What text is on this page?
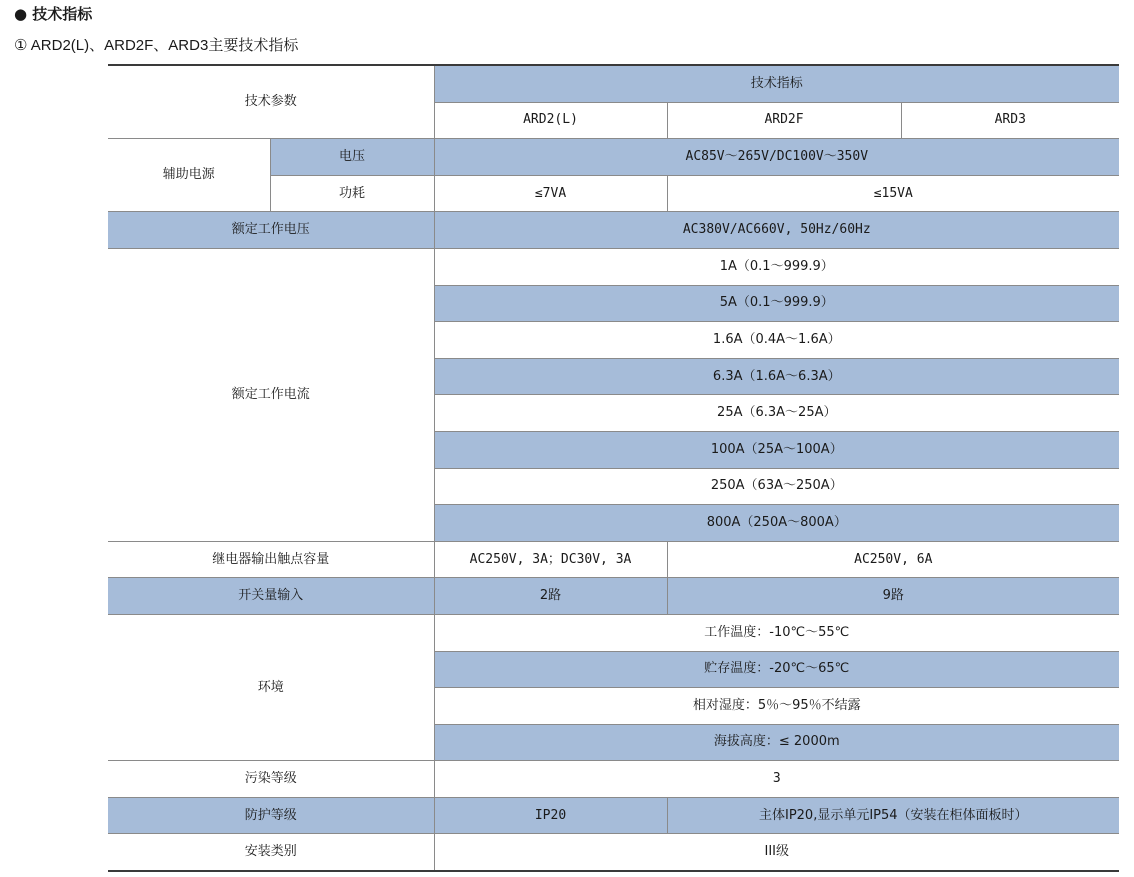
● 技术指标
① ARD2(L)、ARD2F、ARD3主要技术指标
技术参数		技术指标		
		ARD2(L)	ARD2F	ARD3
辅助电源	电压	AC85V～265V/DC100V～350V		
	功耗	≤7VA	≤15VA	
额定工作电压		AC380V/AC660V, 50Hz/60Hz		
额定工作电流		1A（0.1～999.9）		
		5A（0.1～999.9）		
		1.6A（0.4A～1.6A）		
		6.3A（1.6A～6.3A）		
		25A（6.3A～25A）		
		100A（25A～100A）		
		250A（63A～250A）		
		800A（250A～800A）		
继电器输出触点容量		AC250V, 3A；DC30V, 3A	AC250V, 6A	
开关量输入		2路	9路	
环境		工作温度：-10℃～55℃		
		贮存温度：-20℃～65℃		
		相对湿度：5％～95％不结露		
		海拔高度：≤ 2000m		
污染等级		3		
防护等级		IP20	主体IP20,显示单元IP54（安装在柜体面板时）	
安装类别		III级		
